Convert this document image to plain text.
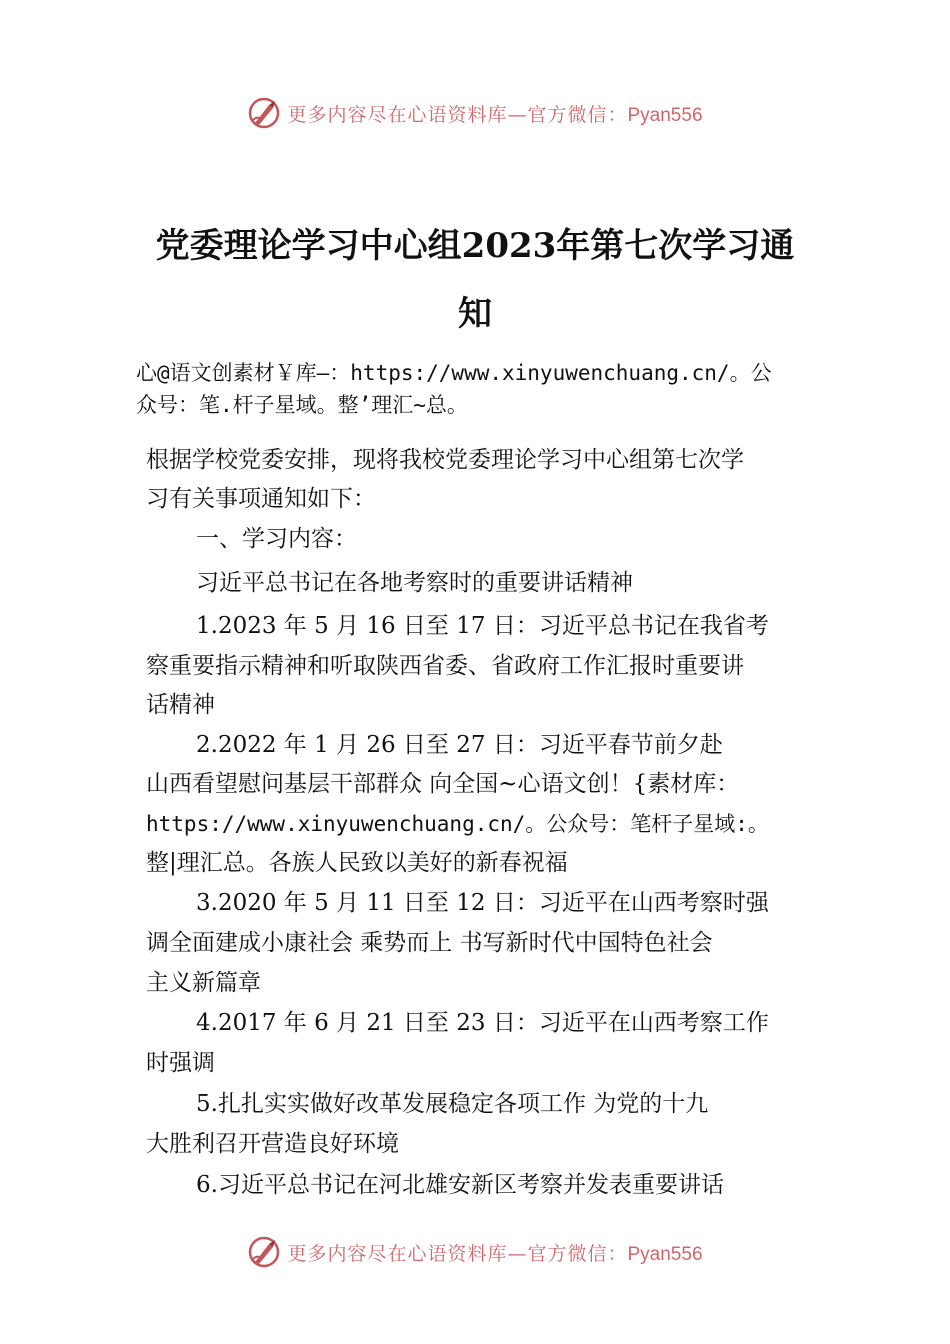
更多内容尽在心语资料库—官方微信：Pyan556
党委理论学习中心组2023年第七次学习通
知
心@语文创素材￥库—：https://www.xinyuwenchuang.cn/。公
众号：笔.杆子星域。整’理汇~总。
根据学校党委安排，现将我校党委理论学习中心组第七次学
习有关事项通知如下：
一、学习内容：
习近平总书记在各地考察时的重要讲话精神
1.2023 年 5 月 16 日至 17 日：习近平总书记在我省考
察重要指示精神和听取陕西省委、省政府工作汇报时重要讲
话精神
2.2022 年 1 月 26 日至 27 日：习近平春节前夕赴
山西看望慰问基层干部群众 向全国~心语文创！{素材库：
https://www.xinyuwenchuang.cn/。公众号：笔杆子星域:。
整|理汇总。各族人民致以美好的新春祝福
3.2020 年 5 月 11 日至 12 日：习近平在山西考察时强
调全面建成小康社会 乘势而上 书写新时代中国特色社会
主义新篇章
4.2017 年 6 月 21 日至 23 日：习近平在山西考察工作
时强调
5.扎扎实实做好改革发展稳定各项工作 为党的十九
大胜利召开营造良好环境
6.习近平总书记在河北雄安新区考察并发表重要讲话
更多内容尽在心语资料库—官方微信：Pyan556
